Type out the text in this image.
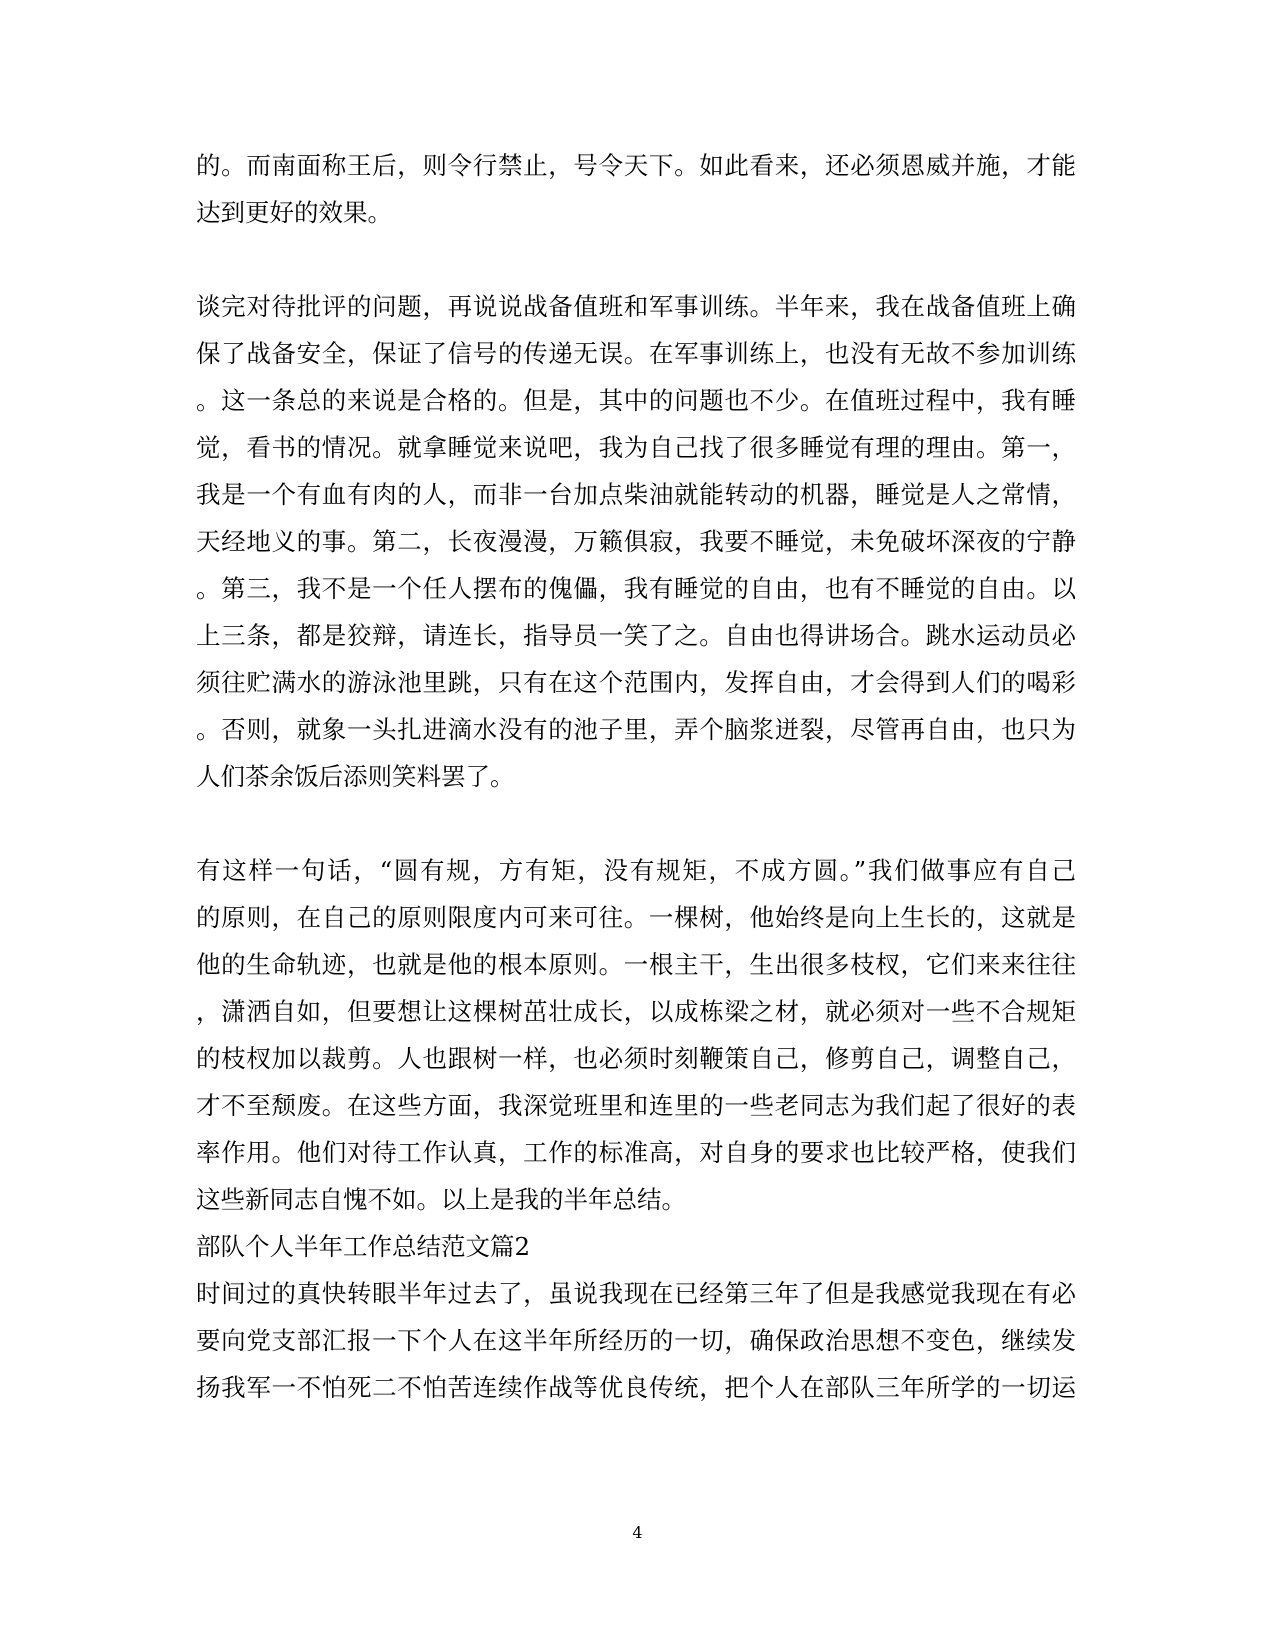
的。而南面称王后，则令行禁止，号令天下。如此看来，还必须恩威并施，才能
达到更好的效果。
谈完对待批评的问题，再说说战备值班和军事训练。半年来，我在战备值班上确
保了战备安全，保证了信号的传递无误。在军事训练上，也没有无故不参加训练
。这一条总的来说是合格的。但是，其中的问题也不少。在值班过程中，我有睡
觉，看书的情况。就拿睡觉来说吧，我为自己找了很多睡觉有理的理由。第一，
我是一个有血有肉的人，而非一台加点柴油就能转动的机器，睡觉是人之常情，
天经地义的事。第二，长夜漫漫，万籁俱寂，我要不睡觉，未免破坏深夜的宁静
。第三，我不是一个任人摆布的傀儡，我有睡觉的自由，也有不睡觉的自由。以
上三条，都是狡辩，请连长，指导员一笑了之。自由也得讲场合。跳水运动员必
须往贮满水的游泳池里跳，只有在这个范围内，发挥自由，才会得到人们的喝彩
。否则，就象一头扎进滴水没有的池子里，弄个脑浆迸裂，尽管再自由，也只为
人们茶余饭后添则笑料罢了。
有这样一句话，“圆有规，方有矩，没有规矩，不成方圆。”我们做事应有自己
的原则，在自己的原则限度内可来可往。一棵树，他始终是向上生长的，这就是
他的生命轨迹，也就是他的根本原则。一根主干，生出很多枝杈，它们来来往往
，潇洒自如，但要想让这棵树茁壮成长，以成栋梁之材，就必须对一些不合规矩
的枝杈加以裁剪。人也跟树一样，也必须时刻鞭策自己，修剪自己，调整自己，
才不至颓废。在这些方面，我深觉班里和连里的一些老同志为我们起了很好的表
率作用。他们对待工作认真，工作的标准高，对自身的要求也比较严格，使我们
这些新同志自愧不如。以上是我的半年总结。
部队个人半年工作总结范文篇2
时间过的真快转眼半年过去了，虽说我现在已经第三年了但是我感觉我现在有必
要向党支部汇报一下个人在这半年所经历的一切，确保政治思想不变色，继续发
扬我军一不怕死二不怕苦连续作战等优良传统，把个人在部队三年所学的一切运
4
